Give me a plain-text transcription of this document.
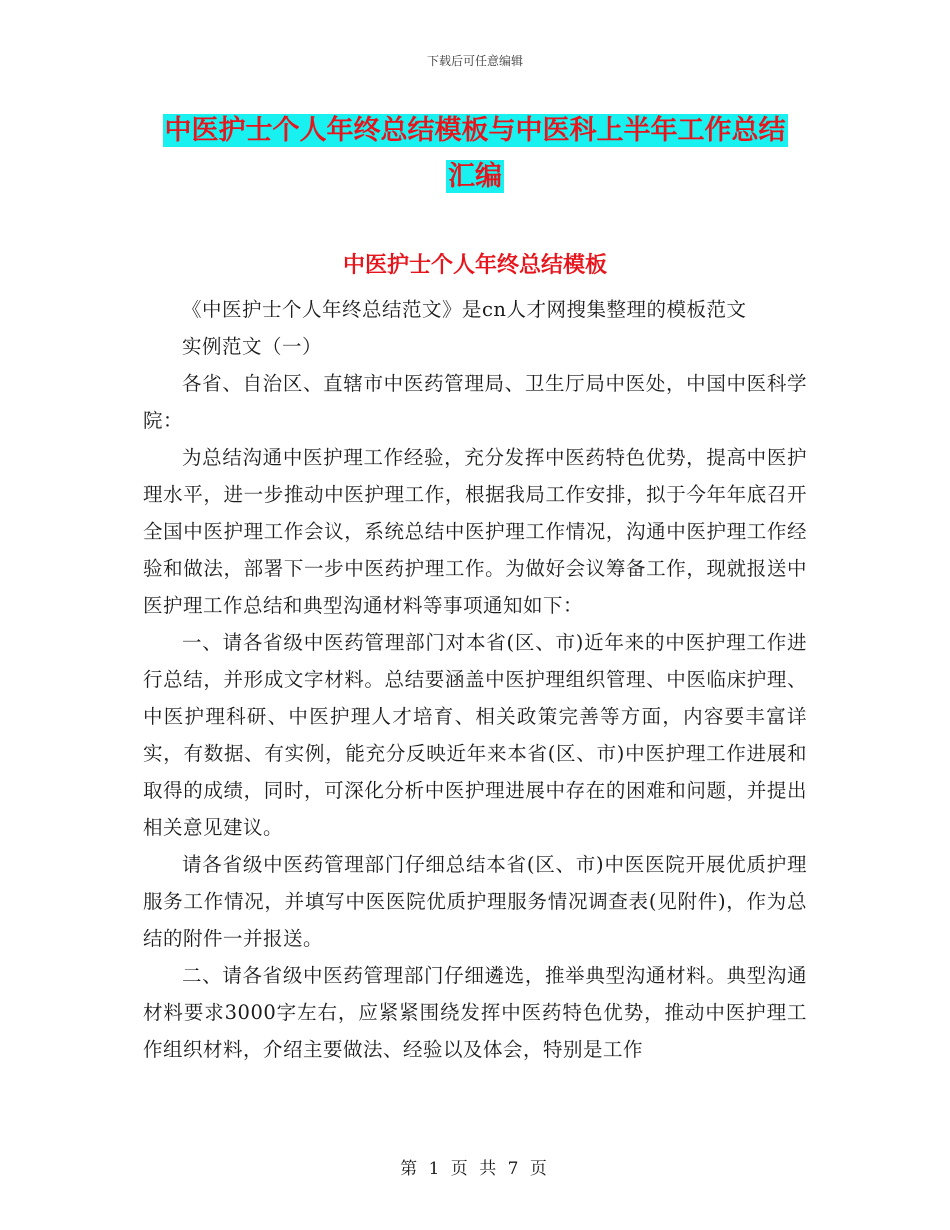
下载后可任意编辑
中医护士个人年终总结模板与中医科上半年工作总结
汇编
中医护士个人年终总结模板

《中医护士个人年终总结范文》是cn人才网搜集整理的模板范文

实例范文（一）

各省、自治区、直辖市中医药管理局、卫生厅局中医处，中国中医科学院：

为总结沟通中医护理工作经验，充分发挥中医药特色优势，提高中医护理水平，进一步推动中医护理工作，根据我局工作安排，拟于今年年底召开全国中医护理工作会议，系统总结中医护理工作情况，沟通中医护理工作经验和做法，部署下一步中医药护理工作。为做好会议筹备工作，现就报送中医护理工作总结和典型沟通材料等事项通知如下：

一、请各省级中医药管理部门对本省(区、市)近年来的中医护理工作进行总结，并形成文字材料。总结要涵盖中医护理组织管理、中医临床护理、中医护理科研、中医护理人才培育、相关政策完善等方面，内容要丰富详实，有数据、有实例，能充分反映近年来本省(区、市)中医护理工作进展和取得的成绩，同时，可深化分析中医护理进展中存在的困难和问题，并提出相关意见建议。

请各省级中医药管理部门仔细总结本省(区、市)中医医院开展优质护理服务工作情况，并填写中医医院优质护理服务情况调查表(见附件)，作为总结的附件一并报送。

二、请各省级中医药管理部门仔细遴选，推举典型沟通材料。典型沟通材料要求3000字左右，应紧紧围绕发挥中医药特色优势，推动中医护理工作组织材料，介绍主要做法、经验以及体会，特别是工作

第 1 页 共 7 页
